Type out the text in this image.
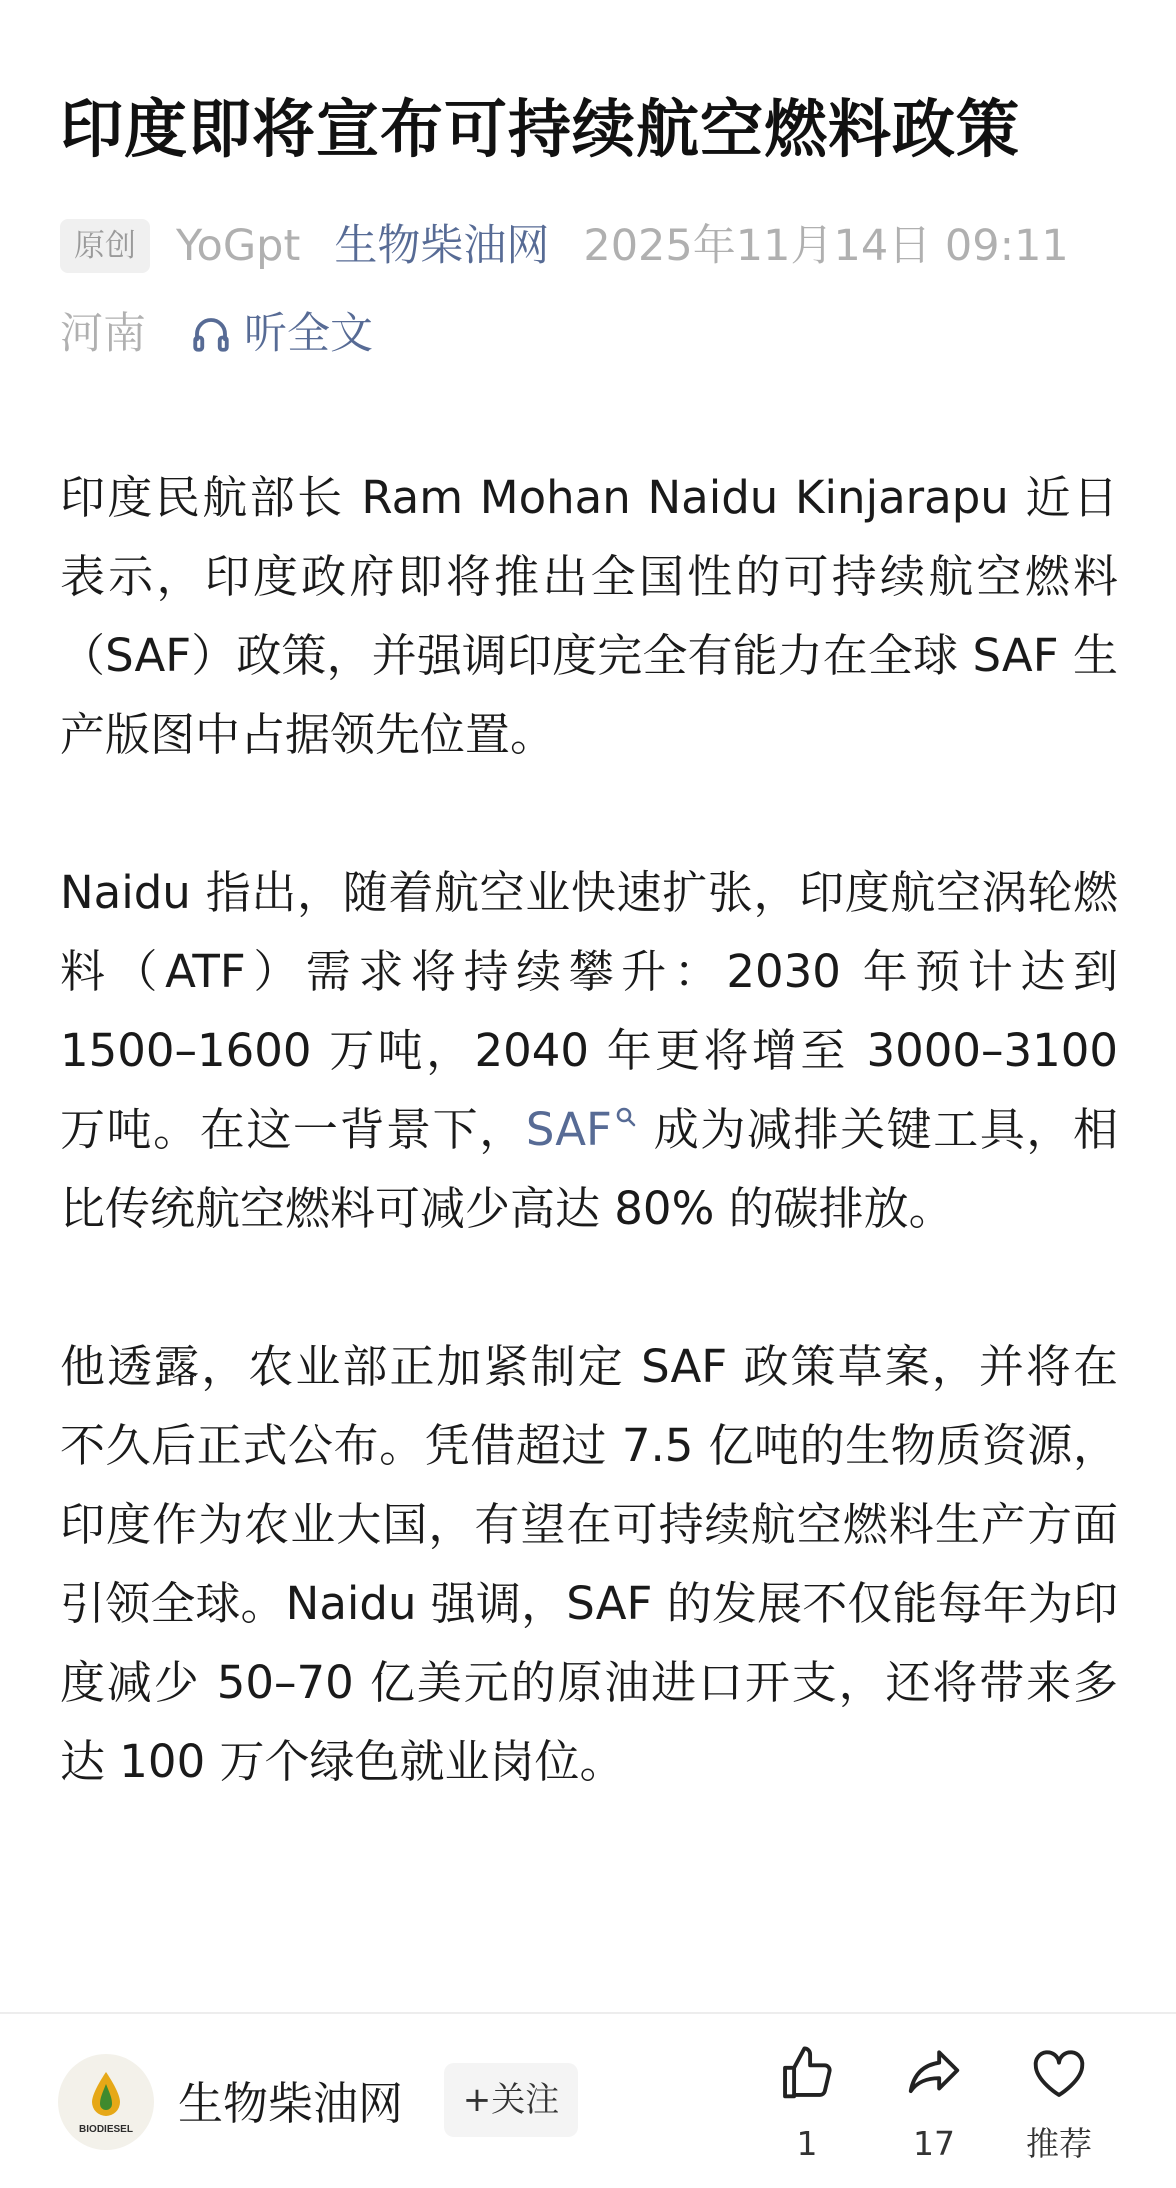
印度即将宣布可持续航空燃料政策
原创 YoGpt 生物柴油网 2025年11月14日 09:11
河南 听全文

印度民航部长 Ram Mohan Naidu Kinjarapu 近日表示，印度政府即将推出全国性的可持续航空燃料（SAF）政策，并强调印度完全有能力在全球 SAF 生产版图中占据领先位置。

Naidu 指出，随着航空业快速扩张，印度航空涡轮燃料（ATF）需求将持续攀升：2030 年预计达到 1500–1600 万吨，2040 年更将增至 3000–3100 万吨。在这一背景下，SAF 成为减排关键工具，相比传统航空燃料可减少高达 80% 的碳排放。

他透露，农业部正加紧制定 SAF 政策草案，并将在不久后正式公布。凭借超过 7.5 亿吨的生物质资源，印度作为农业大国，有望在可持续航空燃料生产方面引领全球。Naidu 强调，SAF 的发展不仅能每年为印度减少 50–70 亿美元的原油进口开支，还将带来多达 100 万个绿色就业岗位。

BIODIESEL 生物柴油网	+关注
1	17	推荐
